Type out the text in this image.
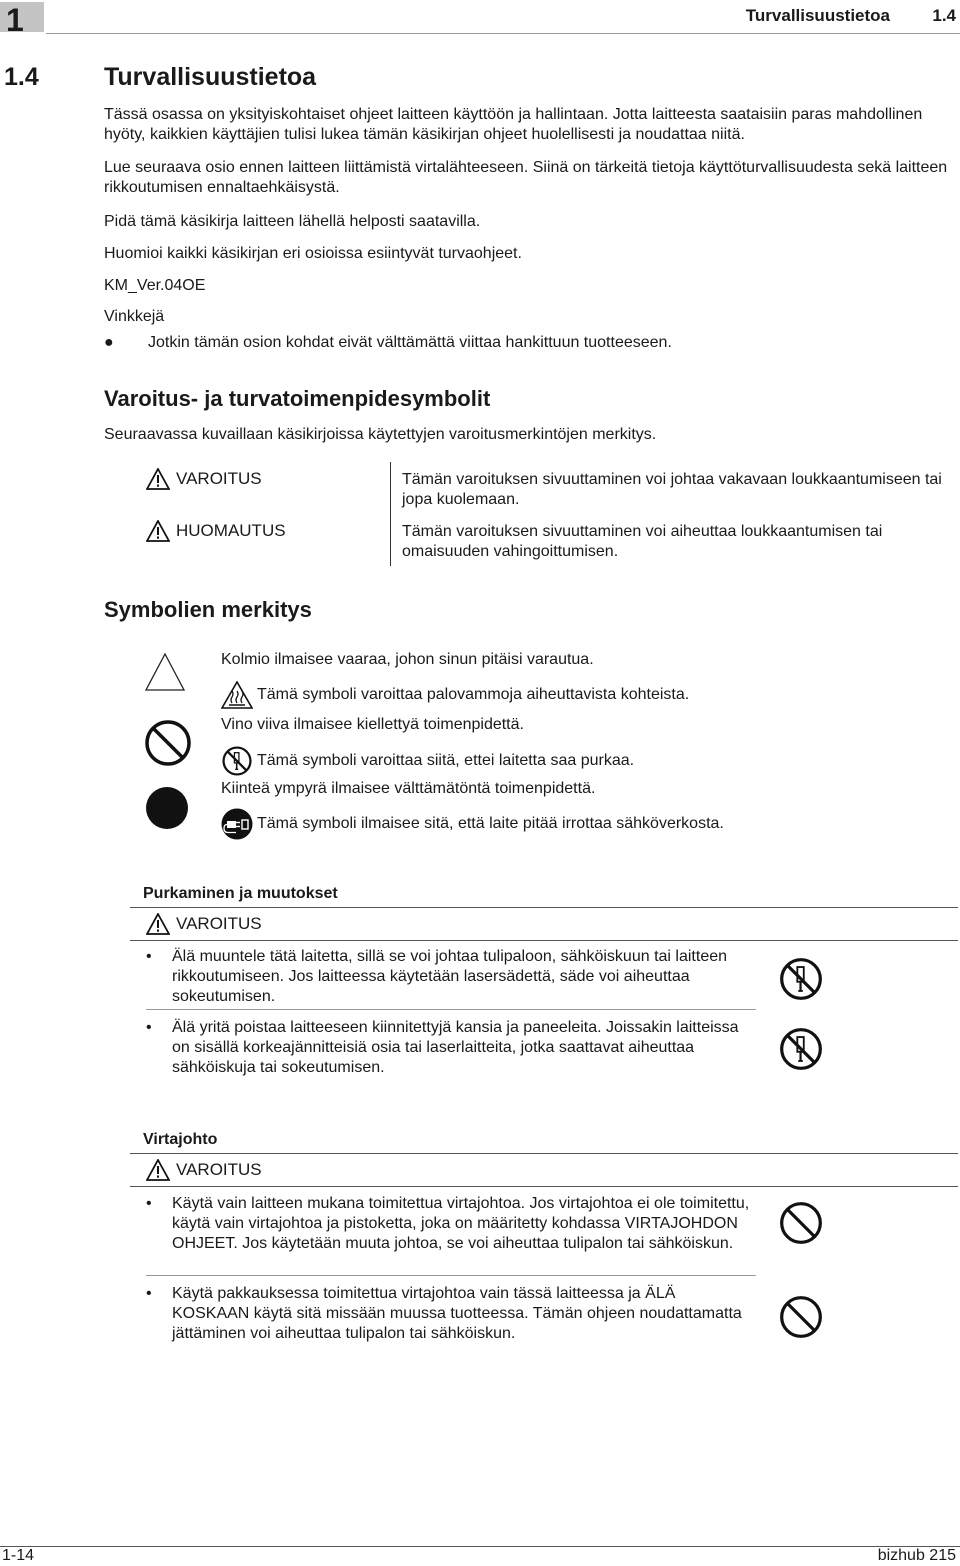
1	Turvallisuustietoa 1.4
1.4	Turvallisuustietoa

Tässä osassa on yksityiskohtaiset ohjeet laitteen käyttöön ja hallintaan. Jotta laitteesta saataisiin paras mahdollinen hyöty, kaikkien käyttäjien tulisi lukea tämän käsikirjan ohjeet huolellisesti ja noudattaa niitä.

Lue seuraava osio ennen laitteen liittämistä virtalähteeseen. Siinä on tärkeitä tietoja käyttöturvallisuudesta sekä laitteen rikkoutumisen ennaltaehkäisystä.

Pidä tämä käsikirja laitteen lähellä helposti saatavilla.

Huomioi kaikki käsikirjan eri osioissa esiintyvät turvaohjeet.

KM_Ver.04OE
Vinkkejä
●	Jotkin tämän osion kohdat eivät välttämättä viittaa hankittuun tuotteeseen.
Varoitus- ja turvatoimenpidesymbolit
Seuraavassa kuvaillaan käsikirjoissa käytettyjen varoitusmerkintöjen merkitys.
VAROITUS	Tämän varoituksen sivuuttaminen voi johtaa vakavaan loukkaantumiseen tai jopa kuolemaan.
HUOMAUTUS	Tämän varoituksen sivuuttaminen voi aiheuttaa loukkaantumisen tai omaisuuden vahingoittumisen.
Symbolien merkitys
Kolmio ilmaisee vaaraa, johon sinun pitäisi varautua.
Tämä symboli varoittaa palovammoja aiheuttavista kohteista.
Vino viiva ilmaisee kiellettyä toimenpidettä.
Tämä symboli varoittaa siitä, ettei laitetta saa purkaa.
Kiinteä ympyrä ilmaisee välttämätöntä toimenpidettä.
Tämä symboli ilmaisee sitä, että laite pitää irrottaa sähköverkosta.
Purkaminen ja muutokset
VAROITUS
•	Älä muuntele tätä laitetta, sillä se voi johtaa tulipaloon, sähköiskuun tai laitteen rikkoutumiseen. Jos laitteessa käytetään lasersädettä, säde voi aiheuttaa sokeutumisen.
•	Älä yritä poistaa laitteeseen kiinnitettyjä kansia ja paneeleita. Joissakin laitteissa on sisällä korkeajännitteisiä osia tai laserlaitteita, jotka saattavat aiheuttaa sähköiskuja tai sokeutumisen.
Virtajohto
VAROITUS
•	Käytä vain laitteen mukana toimitettua virtajohtoa. Jos virtajohtoa ei ole toimitettu, käytä vain virtajohtoa ja pistoketta, joka on määritetty kohdassa VIRTAJOHDON OHJEET. Jos käytetään muuta johtoa, se voi aiheuttaa tulipalon tai sähköiskun.
•	Käytä pakkauksessa toimitettua virtajohtoa vain tässä laitteessa ja ÄLÄ KOSKAAN käytä sitä missään muussa tuotteessa. Tämän ohjeen noudattamatta jättäminen voi aiheuttaa tulipalon tai sähköiskun.
1-14	bizhub 215
